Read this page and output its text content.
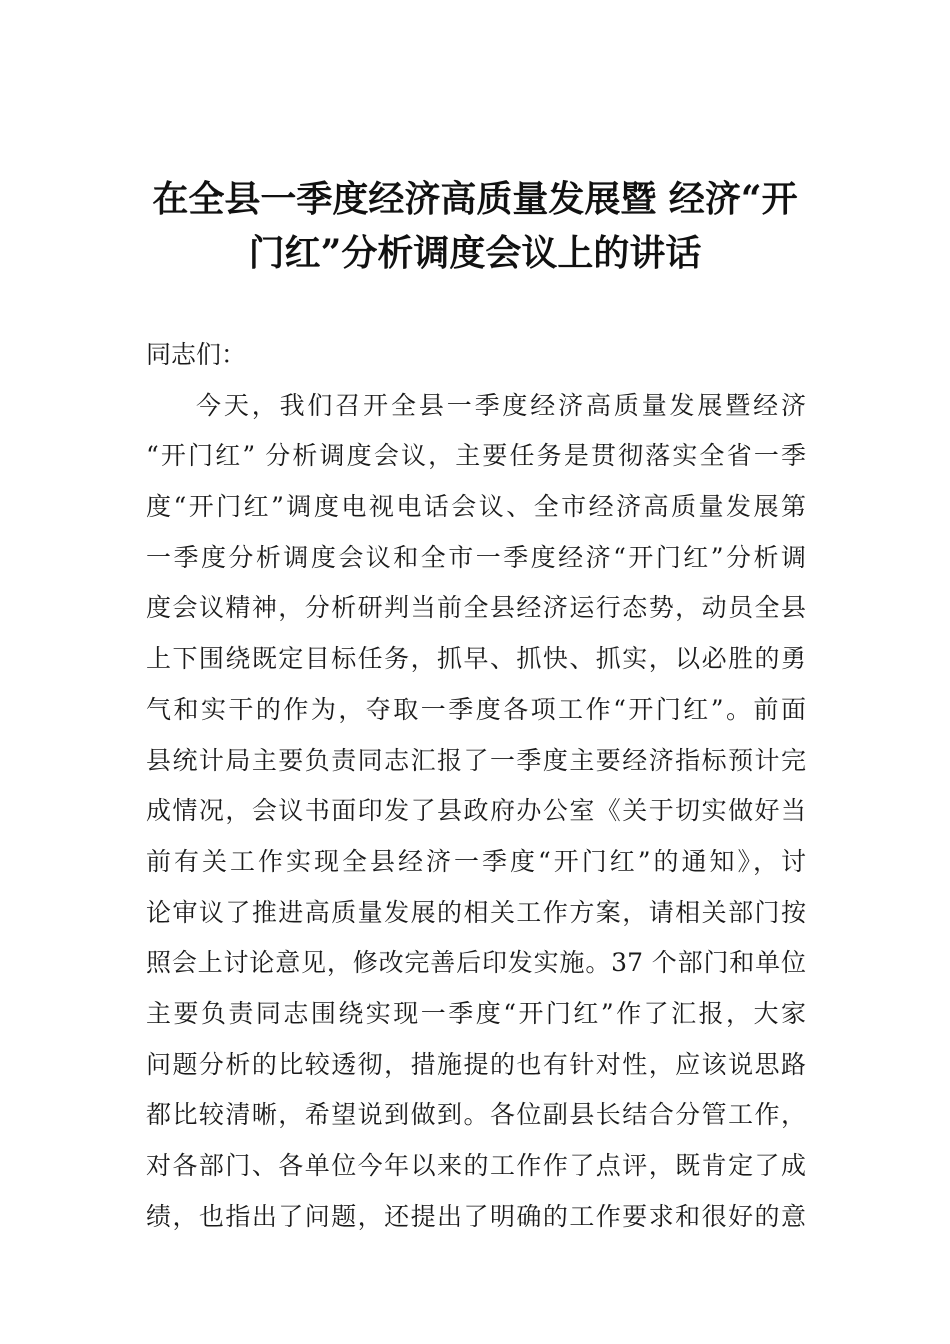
在全县一季度经济高质量发展暨 经济“开
门红”分析调度会议上的讲话
同志们：
今天，我们召开全县一季度经济高质量发展暨经济
“开门红” 分析调度会议，主要任务是贯彻落实全省一季
度“开门红”调度电视电话会议、全市经济高质量发展第
一季度分析调度会议和全市一季度经济“开门红”分析调
度会议精神，分析研判当前全县经济运行态势，动员全县
上下围绕既定目标任务，抓早、抓快、抓实，以必胜的勇
气和实干的作为，夺取一季度各项工作“开门红”。前面
县统计局主要负责同志汇报了一季度主要经济指标预计完
成情况，会议书面印发了县政府办公室《关于切实做好当
前有关工作实现全县经济一季度“开门红”的通知》，讨
论审议了推进高质量发展的相关工作方案，请相关部门按
照会上讨论意见，修改完善后印发实施。37 个部门和单位
主要负责同志围绕实现一季度“开门红”作了汇报，大家
问题分析的比较透彻，措施提的也有针对性，应该说思路
都比较清晰，希望说到做到。各位副县长结合分管工作，
对各部门、各单位今年以来的工作作了点评，既肯定了成
绩，也指出了问题，还提出了明确的工作要求和很好的意
